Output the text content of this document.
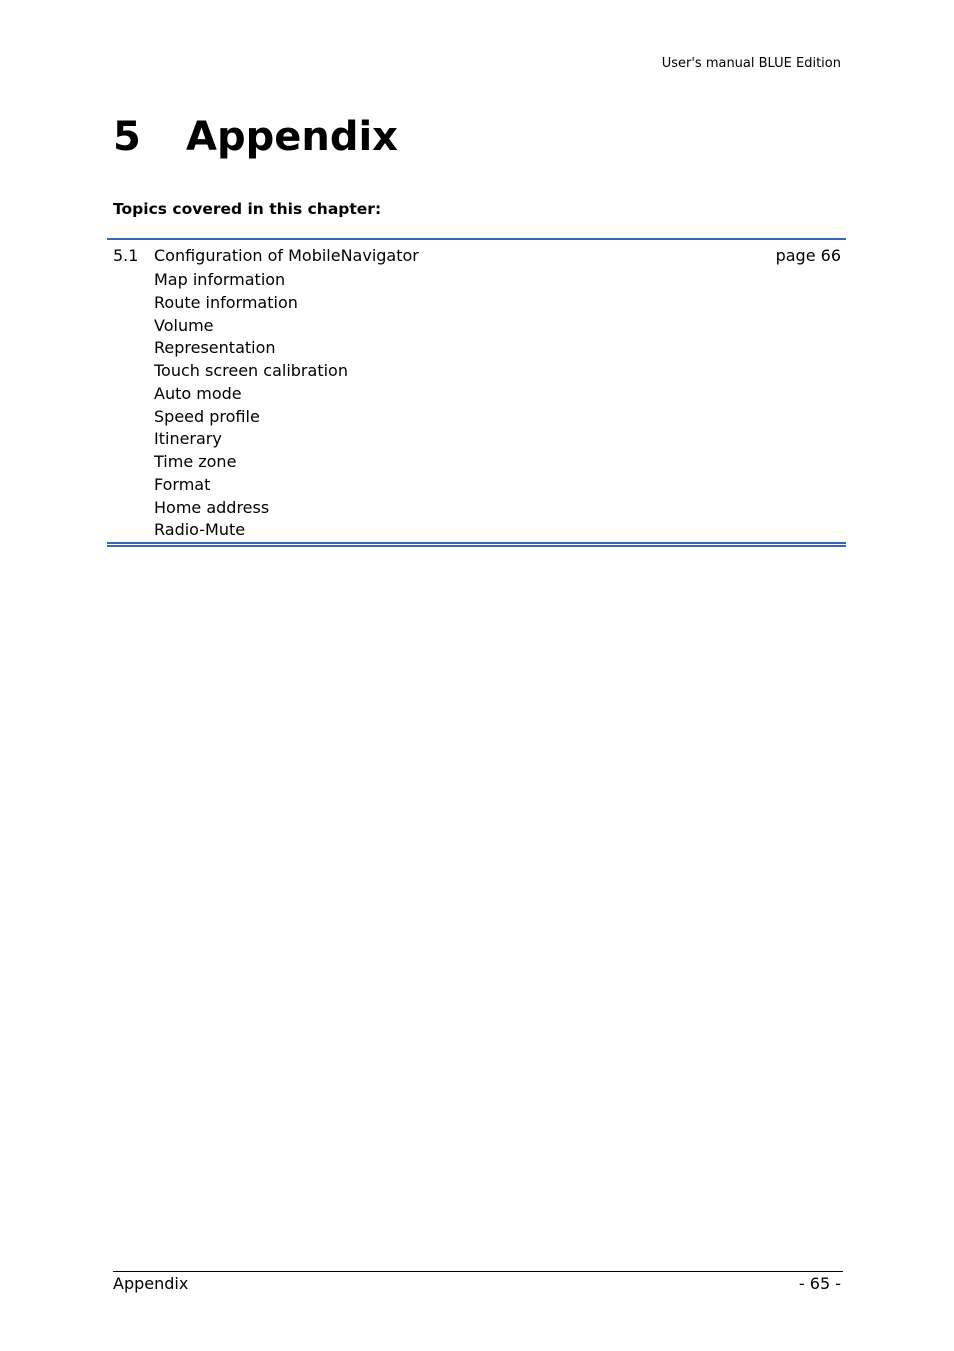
User's manual BLUE Edition
5 Appendix
Topics covered in this chapter:
5.1 Configuration of MobileNavigator	page 66
Map information
Route information
Volume
Representation
Touch screen calibration
Auto mode
Speed profile
Itinerary
Time zone
Format
Home address
Radio-Mute
Appendix	- 65 -
